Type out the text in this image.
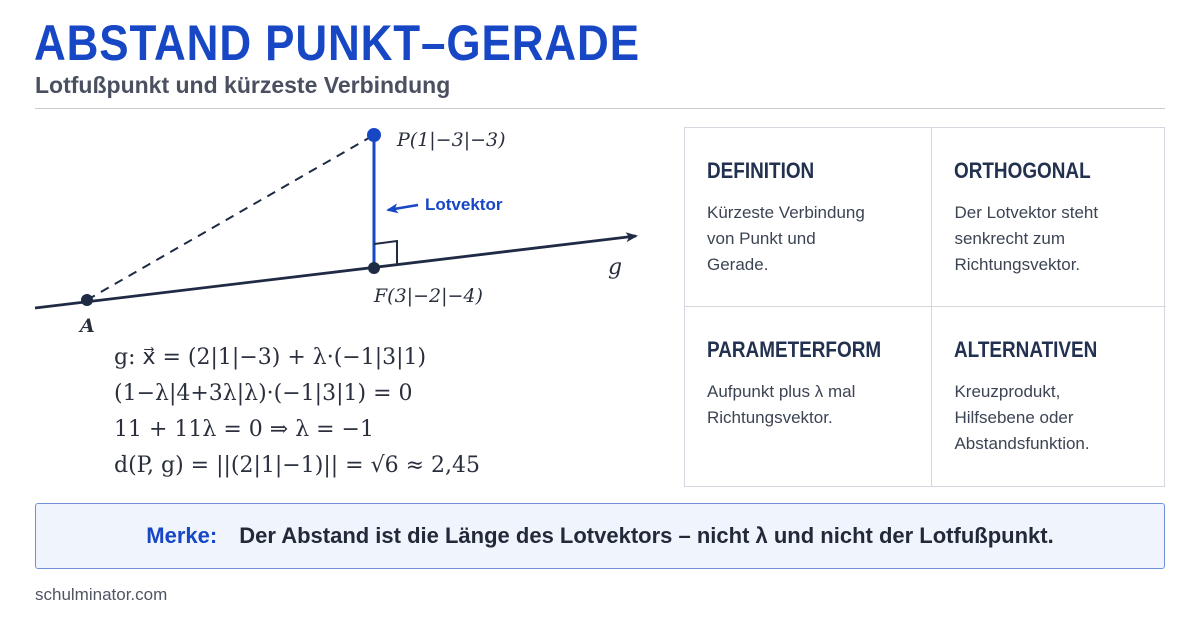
ABSTAND PUNKT–GERADE
Lotfußpunkt und kürzeste Verbindung
P(1|−3|−3)
F(3|−2|−4)
A
g
Lotvektor
g: x⃗ = (2|1|−3) + λ·(−1|3|1)
(1−λ|4+3λ|λ)·(−1|3|1) = 0
11 + 11λ = 0 ⇒ λ = −1
d(P, g) = ||(2|1|−1)|| = √6 ≈ 2,45

DEFINITION

Kürzeste Verbindung von Punkt und Gerade.

ORTHOGONAL

Der Lotvektor steht senkrecht zum Richtungsvektor.

PARAMETERFORM

Aufpunkt plus λ mal Richtungsvektor.

ALTERNATIVEN

Kreuzprodukt, Hilfsebene oder Abstandsfunktion.

Merke: Der Abstand ist die Länge des Lotvektors – nicht λ und nicht der Lotfußpunkt.
schulminator.com
